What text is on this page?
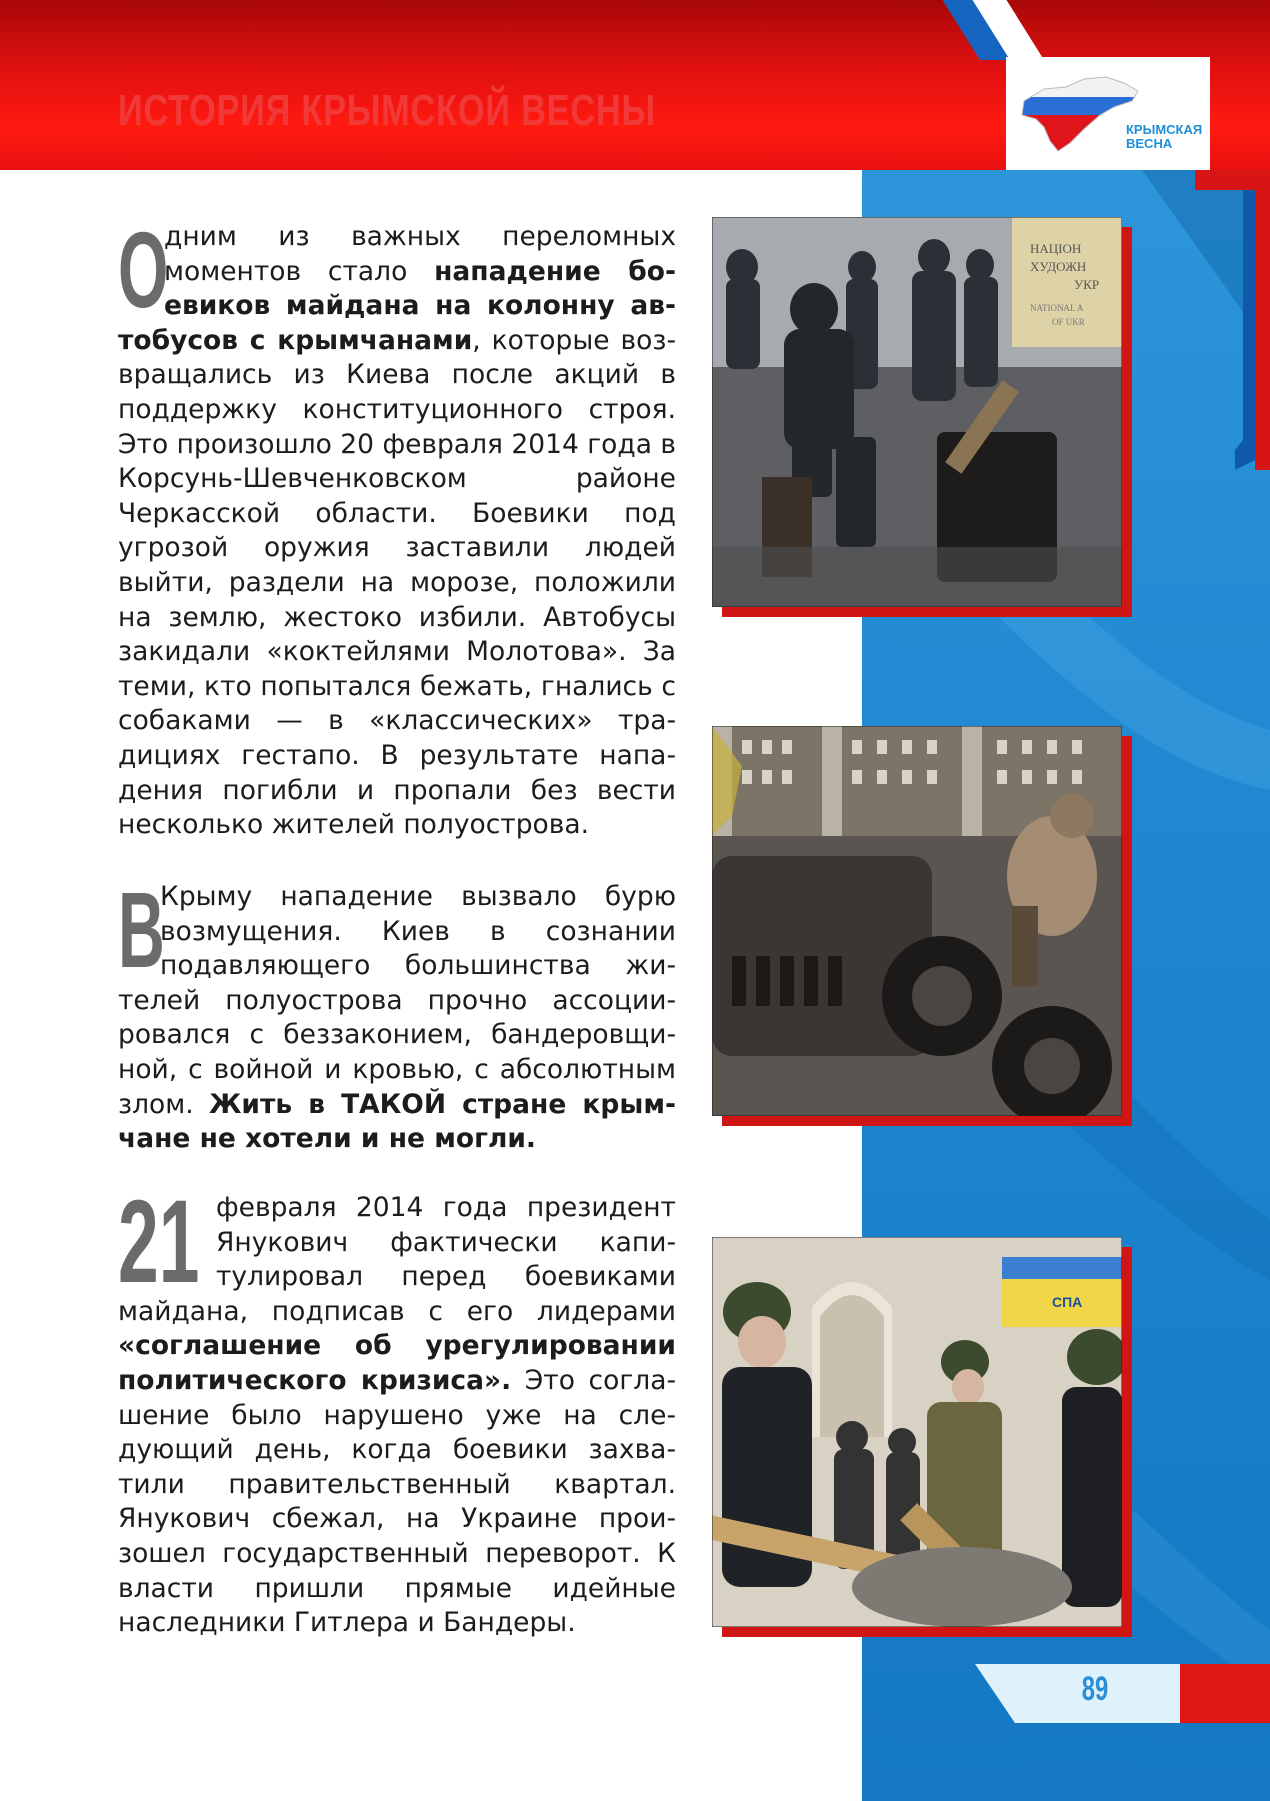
ИСТОРИЯ КРЫМСКОЙ ВЕСНЫ	КРЫМСКАЯ
ВЕСНА
О
дним из важных переломных моментов стало нападение боевиков майдана на колонну автобусов с крымчанами, которые возвращались из Киева после акций в поддержку конституционного строя. Это произошло 20 февраля 2014 года в Корсунь-Шевченковском районе Черкасской области. Боевики под угрозой оружия заставили людей выйти, раздели на морозе, положили на землю, жестоко избили. Автобусы закидали «коктейлями Молотова». За теми, кто попытался бежать, гнались с собаками — в «классических» традициях гестапо. В результате нападения погибли и пропали без вести несколько жителей полуострова.
В
Крыму нападение вызвало бурю возмущения. Киев в сознании подавляющего большинства жителей полуострова прочно ассоциировался с беззаконием, бандеровщиной, с войной и кровью, с абсолютным злом. Жить в ТАКОЙ стране крымчане не хотели и не могли.
21 февраля 2014 года президент Янукович фактически капитулировал перед боевиками майдана, подписав с его лидерами «соглашение об урегулировании политического кризиса». Это соглашение было нарушено уже на следующий день, когда боевики захватили правительственный квартал. Янукович сбежал, на Украине произошел государственный переворот. К власти пришли прямые идейные наследники Гитлера и Бандеры.
НАЦІОН
ХУДОЖН
УКР
NATIONAL A
OF UKR
СПА
89
